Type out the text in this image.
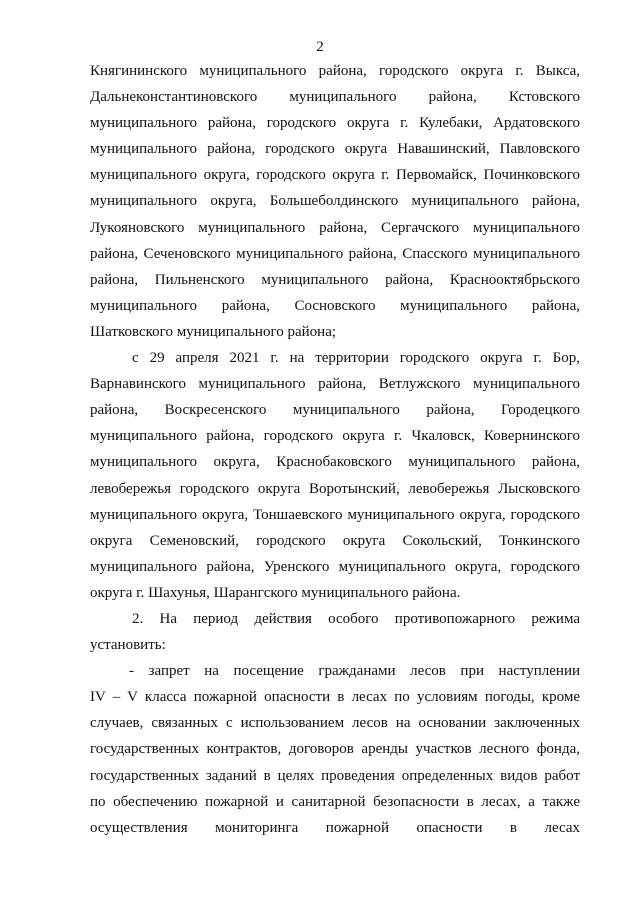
2
Княгининского муниципального района, городского округа г. Выкса,
Дальнеконстантиновского муниципального района, Кстовского
муниципального района, городского округа г. Кулебаки, Ардатовского
муниципального района, городского округа Навашинский, Павловского
муниципального округа, городского округа г. Первомайск, Починковского
муниципального округа, Большеболдинского муниципального района,
Лукояновского муниципального района, Сергачского муниципального
района, Сеченовского муниципального района, Спасского муниципального
района, Пильненского муниципального района, Краснооктябрьского
муниципального района, Сосновского муниципального района,
Шатковского муниципального района;
с 29 апреля 2021 г. на территории городского округа г. Бор,
Варнавинского муниципального района, Ветлужского муниципального
района, Воскресенского муниципального района, Городецкого
муниципального района, городского округа г. Чкаловск, Ковернинского
муниципального округа, Краснобаковского муниципального района,
левобережья городского округа Воротынский, левобережья Лысковского
муниципального округа, Тоншаевского муниципального округа, городского
округа Семеновский, городского округа Сокольский, Тонкинского
муниципального района, Уренского муниципального округа, городского
округа г. Шахунья, Шарангского муниципального района.
2. На период действия особого противопожарного режима
установить:
- запрет на посещение гражданами лесов при наступлении
IV – V класса пожарной опасности в лесах по условиям погоды, кроме
случаев, связанных с использованием лесов на основании заключенных
государственных контрактов, договоров аренды участков лесного фонда,
государственных заданий в целях проведения определенных видов работ
по обеспечению пожарной и санитарной безопасности в лесах, а также
осуществления мониторинга пожарной опасности в лесах
